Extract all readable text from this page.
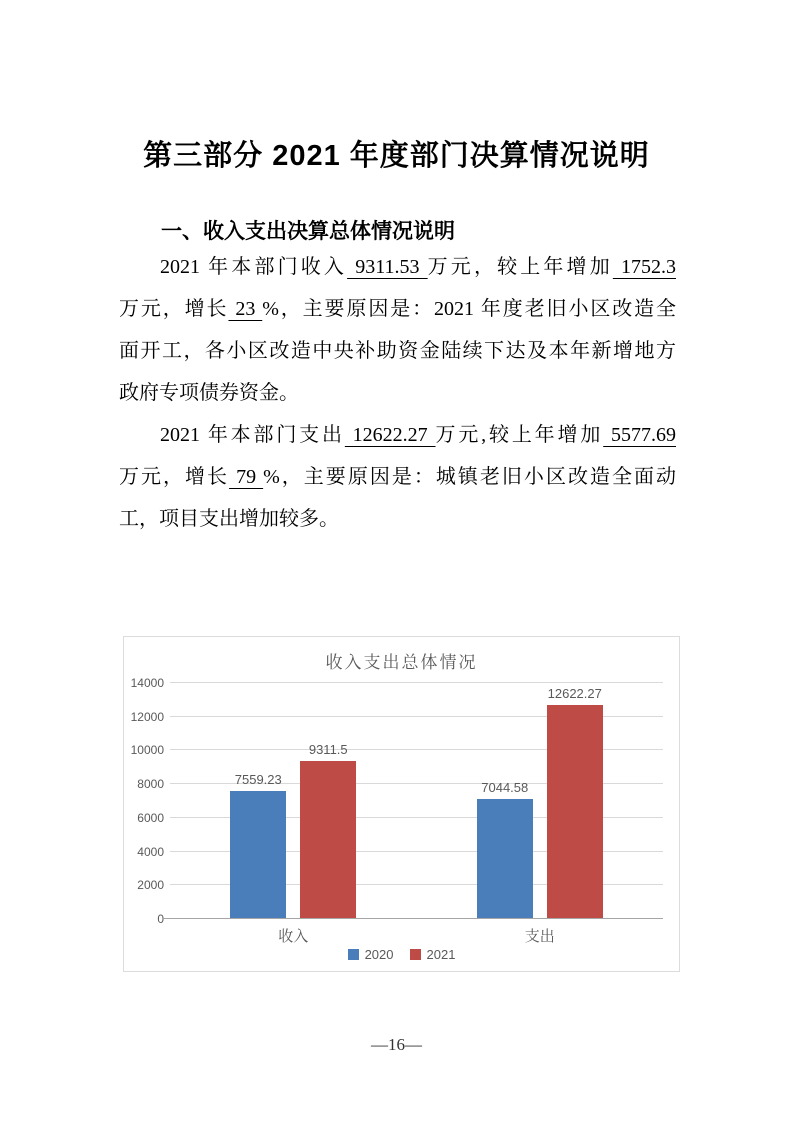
第三部分 2021 年度部门决算情况说明
一、收入支出决算总体情况说明
2021 年本部门收入 9311.53 万元，较上年增加 1752.3
万元，增长 23 %，主要原因是：2021 年度老旧小区改造全
面开工，各小区改造中央补助资金陆续下达及本年新增地方
政府专项债券资金。
2021 年本部门支出 12622.27 万元,较上年增加 5577.69
万元，增长 79 %，主要原因是：城镇老旧小区改造全面动
工，项目支出增加较多。
收入支出总体情况
0
2000
4000
6000
8000
10000
12000
14000
7559.23
7044.58
9311.5
12622.27
收入	支出
2020	2021
—16—
